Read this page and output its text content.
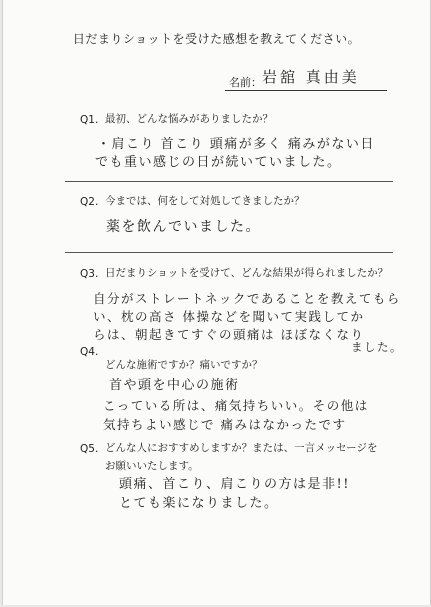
日だまりショットを受けた感想を教えてください。
名前： 岩舘 真由美
Q1. 最初、どんな悩みがありましたか？
・肩こり 首こり 頭痛が多く 痛みがない日
でも重い感じの日が続いていました。
Q2. 今までは、何をして対処してきましたか？
薬を飲んでいました。
Q3. 日だまりショットを受けて、どんな結果が得られましたか？
自分がストレートネックであることを教えてもら
い、枕の高さ 体操などを聞いて実践してか
らは、朝起きてすぐの頭痛は ほぼなくなり
ました。
Q4.
どんな施術ですか？痛いですか？
首や頭を中心の施術
こっている所は、痛気持ちいい。その他は
気持ちよい感じで 痛みはなかったです
Q5. どんな人におすすめしますか？または、一言メッセージを
お願いいたします。
頭痛、首こり、肩こりの方は是非!!
とても楽になりました。
